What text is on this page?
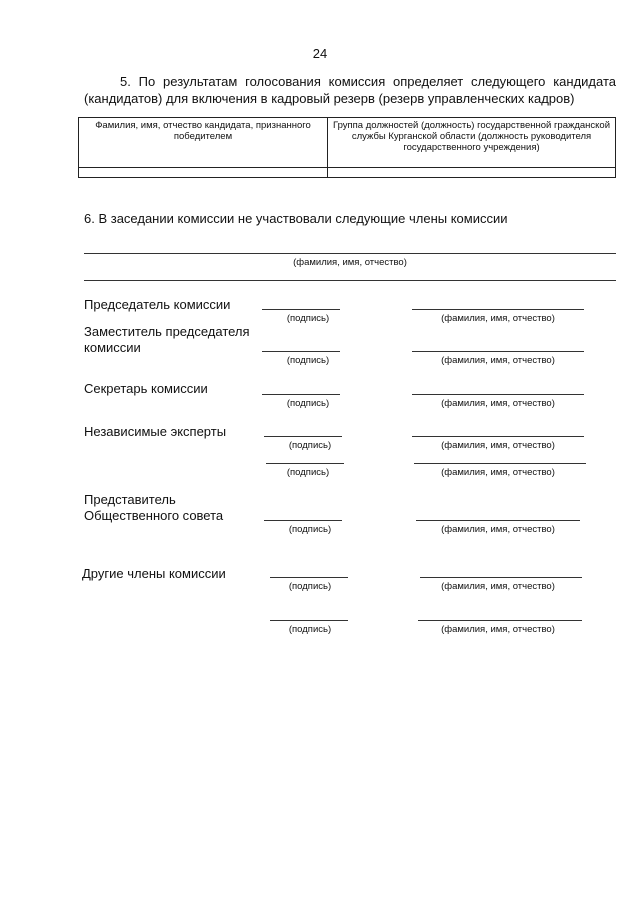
24
5. По результатам голосования комиссия определяет следующего кандидата (кандидатов) для включения в кадровый резерв (резерв управленческих кадров)
Фамилия, имя, отчество кандидата, признанного победителем	Группа должностей (должность) государственной гражданской службы Курганской области (должность руководителя государственного учреждения)

6. В заседании комиссии не участвовали следующие члены комиссии
(фамилия, имя, отчество)
Председатель комиссии
(подпись)	(фамилия, имя, отчество)
Заместитель председателя комиссии
(подпись)	(фамилия, имя, отчество)
Секретарь комиссии
(подпись)	(фамилия, имя, отчество)
Независимые эксперты
(подпись)	(фамилия, имя, отчество)
(подпись)	(фамилия, имя, отчество)
Представитель Общественного совета
(подпись)	(фамилия, имя, отчество)
Другие члены комиссии
(подпись)	(фамилия, имя, отчество)
(подпись)	(фамилия, имя, отчество)
